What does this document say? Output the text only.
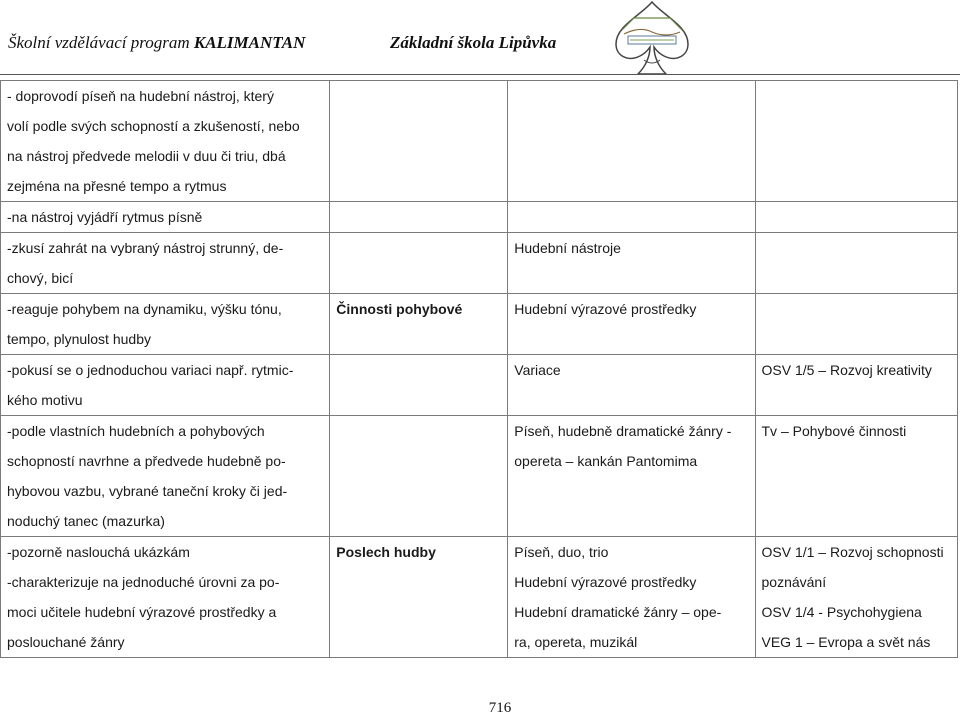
Školní vzdělávací program KALIMANTAN	Základní škola Lipůvka
- doprovodí píseň na hudební nástroj, který
volí podle svých schopností a zkušeností, nebo
na nástroj předvede melodii v duu či triu, dbá
zejména na přesné tempo a rytmus			

-na nástroj vyjádří rytmus písně			

-zkusí zahrát na vybraný nástroj strunný, de-
chový, bicí		Hudební nástroje	

-reaguje pohybem na dynamiku, výšku tónu,
tempo, plynulost hudby	Činnosti pohybové	Hudební výrazové prostředky	

-pokusí se o jednoduchou variaci např. rytmic-
kého motivu		Variace	OSV 1/5 – Rozvoj kreativity

-podle vlastních hudebních a pohybových
schopností navrhne a předvede hudebně po-
hybovou vazbu, vybrané taneční kroky či jed-
noduchý tanec (mazurka)		Píseň, hudebně dramatické žánry -
opereta – kankán Pantomima	Tv – Pohybové činnosti

-pozorně naslouchá ukázkám
-charakterizuje na jednoduché úrovni za po-
moci učitele hudební výrazové prostředky a
poslouchané žánry	Poslech hudby	Píseň, duo, trio
Hudební výrazové prostředky
Hudební dramatické žánry – ope-
ra, opereta, muzikál	OSV 1/1 – Rozvoj schopnosti
poznávání
OSV 1/4 - Psychohygiena
VEG 1 – Evropa a svět nás
716
